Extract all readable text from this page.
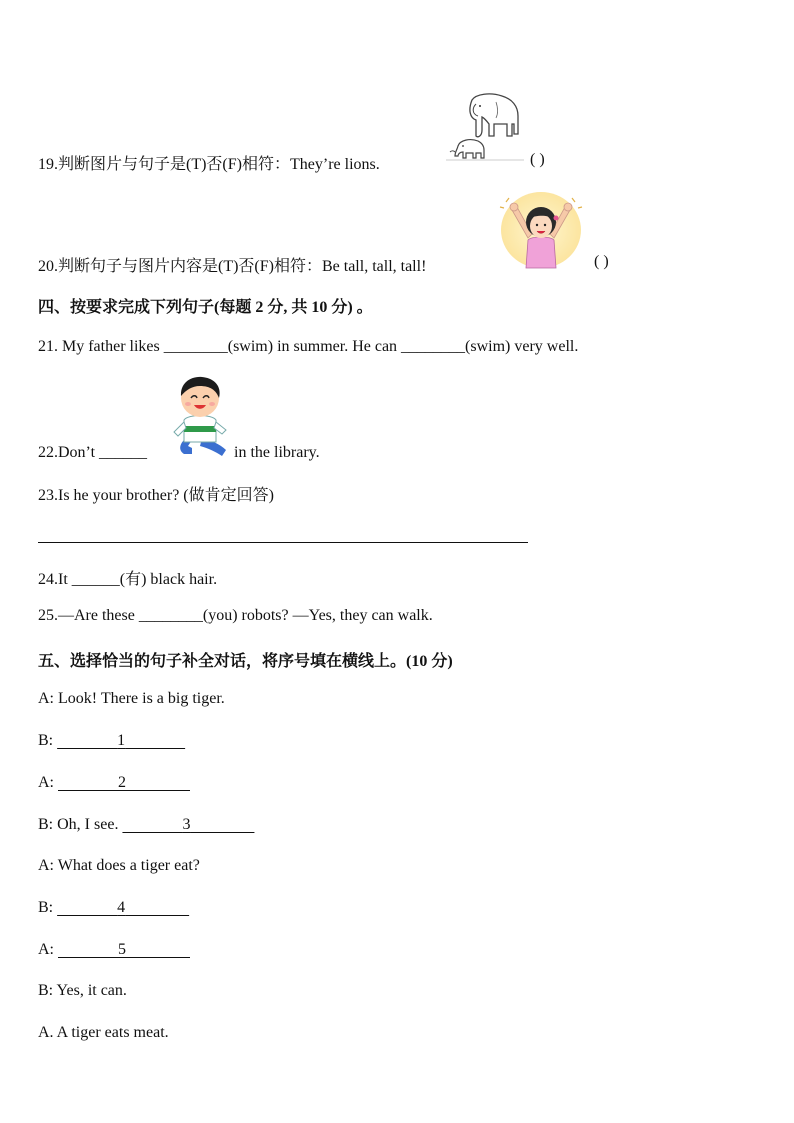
19.判断图片与句子是(T)否(F)相符：They’re lions.	( )
20.判断句子与图片内容是(T)否(F)相符：Be tall, tall, tall!	( )
四、按要求完成下列句子(每题 2 分, 共 10 分) 。
21. My father likes ________(swim) in summer. He can ________(swim) very well.
22.Don’t ______	in the library.
23.Is he your brother? (做肯定回答)
24.It ______(有) black hair.
25.—Are these ________(you) robots? —Yes, they can walk.
五、选择恰当的句子补全对话，将序号填在横线上。(10 分)
A: Look! There is a big tiger.
B:	1
A:	2
B: Oh, I see.	3
A: What does a tiger eat?
B:	4
A:	5
B: Yes, it can.
A. A tiger eats meat.
